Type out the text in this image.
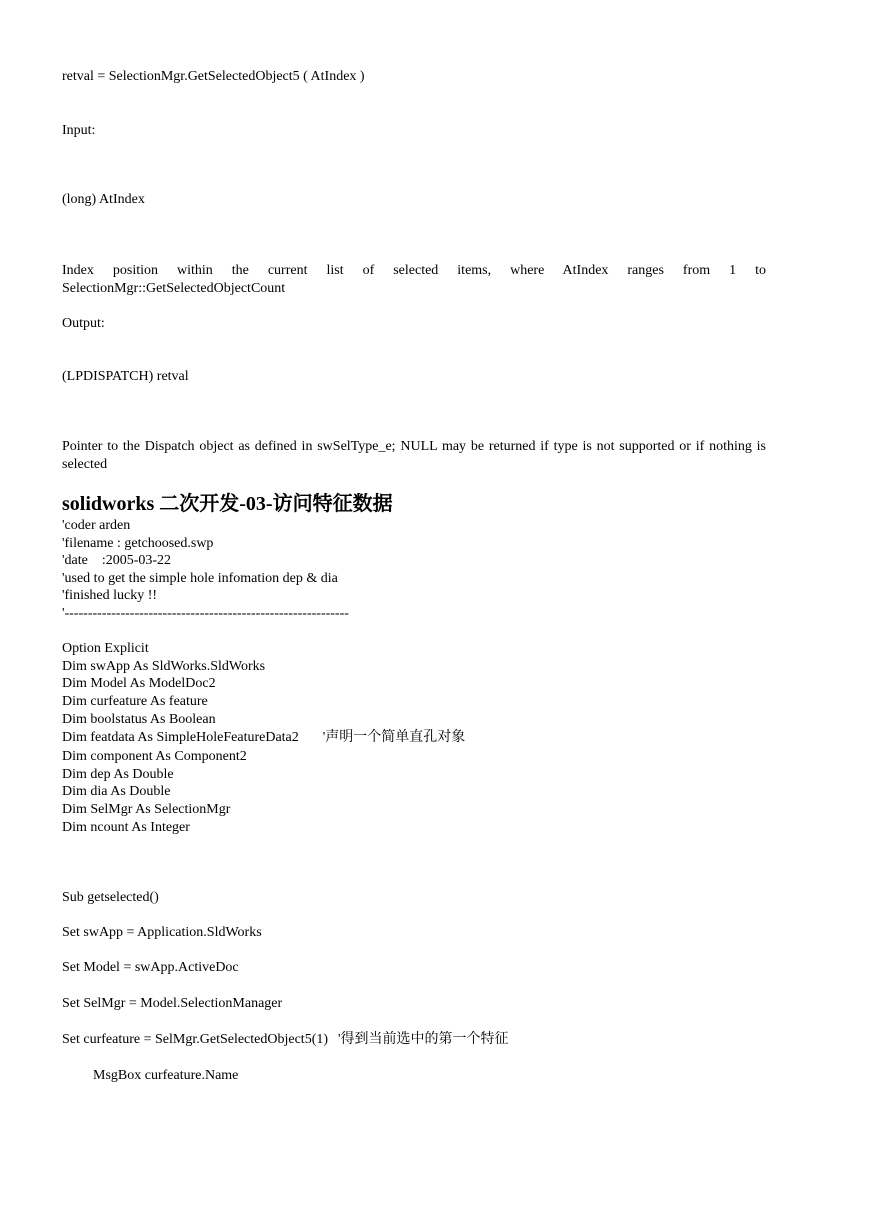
retval = SelectionMgr.GetSelectedObject5 ( AtIndex )
Input:
(long) AtIndex
Index position within the current list of selected items, where AtIndex ranges from 1 to SelectionMgr::GetSelectedObjectCount
Output:
(LPDISPATCH) retval
Pointer to the Dispatch object as defined in swSelType_e; NULL may be returned if type is not supported or if nothing is selected
solidworks 二次开发-03-访问特征数据
'coder arden
'filename : getchoosed.swp
'date    :2005-03-22
'used to get the simple hole infomation dep & dia
'finished lucky !!
'-------------------------------------------------------------
Option Explicit
Dim swApp As SldWorks.SldWorks
Dim Model As ModelDoc2
Dim curfeature As feature
Dim boolstatus As Boolean
Dim featdata As SimpleHoleFeatureData2 '声明一个简单直孔对象
Dim component As Component2
Dim dep As Double
Dim dia As Double
Dim SelMgr As SelectionMgr
Dim ncount As Integer
Sub getselected()
Set swApp = Application.SldWorks
Set Model = swApp.ActiveDoc
Set SelMgr = Model.SelectionManager
Set curfeature = SelMgr.GetSelectedObject5(1) '得到当前选中的第一个特征
MsgBox curfeature.Name
